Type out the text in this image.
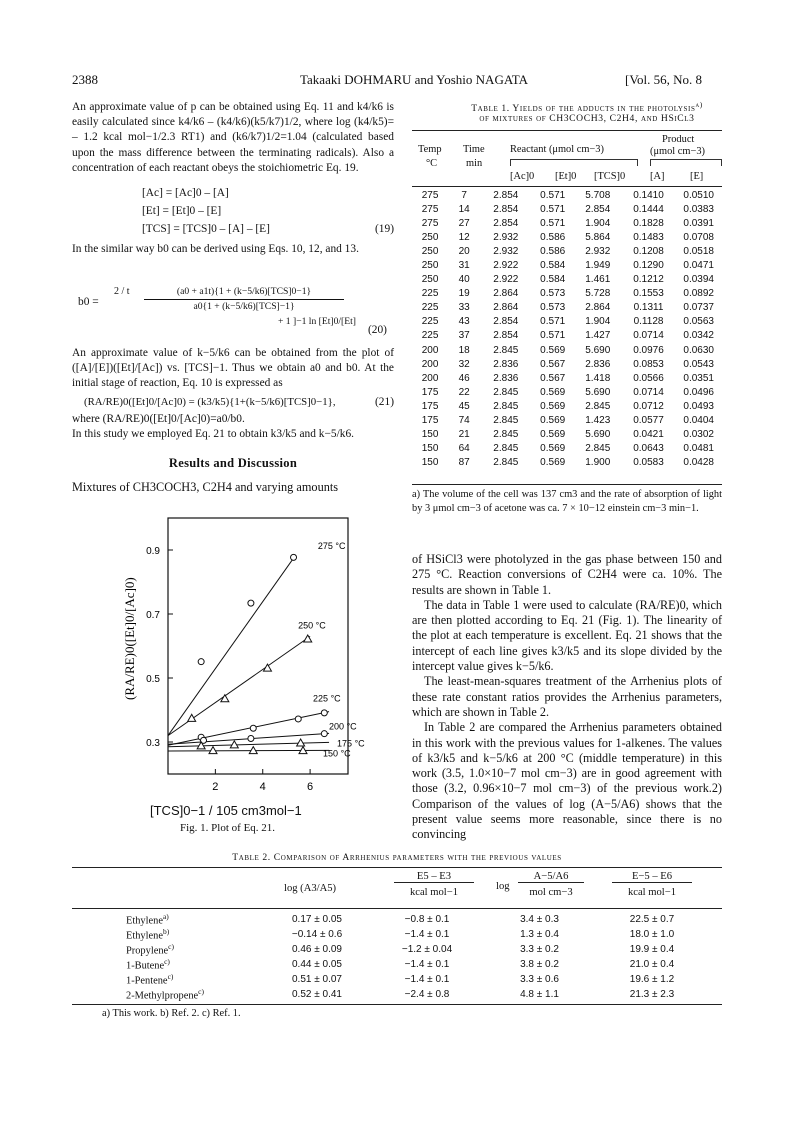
2388	Takaaki DOHMARU and Yoshio NAGATA	[Vol. 56, No. 8

An approximate value of p can be obtained using Eq. 11 and k4/k6 is easily calculated since k4/k6 – (k4/k6)(k5/k7)1/2, where log (k4/k5)= – 1.2 kcal mol−1/2.3 RT1) and (k6/k7)1/2=1.04 (calculated based upon the mass difference between the terminating radicals). Also a concentration of each reactant obeys the stoichiometric Eq. 19.

[Ac] = [Ac]0 – [A]
[Et] = [Et]0 – [E]
[TCS] = [TCS]0 – [A] – [E]	(19)

In the similar way b0 can be derived using Eqs. 10, 12, and 13.

b0 =
2 / t	(a0 + a1t){1 + (k−5/k6)[TCS]0−1}
a0{1 + (k−5/k6)[TCS]−1}
+ 1 ]−1 ln [Et]0/[Et]
(20)

An approximate value of k−5/k6 can be obtained from the plot of ([A]/[E])([Et]/[Ac]) vs. [TCS]−1. Thus we obtain a0 and b0. At the initial stage of reaction, Eq. 10 is expressed as

(RA/RE)0([Et]0/[Ac]0) = (k3/k5){1+(k−5/k6)[TCS]0−1},	(21)

where (RA/RE)0([Et]0/[Ac]0)=a0/b0.

In this study we employed Eq. 21 to obtain k3/k5 and k−5/k6.

Results and Discussion
Mixtures of CH3COCH3, C2H4 and varying amounts
0.3
0.5
0.7
0.9
2	4	6
275 °C
250 °C
225 °C
200 °C
175 °C
150 °C
(RA/RE)0([Et]0/[Ac]0)
[TCS]0−1 / 105 cm3mol−1
Fig. 1. Plot of Eq. 21.
Table 1. Yields of the adducts in the photolysis$^{a)}$
of mixtures of CH3COCH3, C2H4, and HSiCl3
Temp
°C
Time
min
Reactant (μmol cm−3)
Product
(μmol cm−3)
[Ac]0 [Et]0 [TCS]0 [A] [E]
275	7	2.854	0.571	5.708	0.1410	0.0510
275	14	2.854	0.571	2.854	0.1444	0.0383
275	27	2.854	0.571	1.904	0.1828	0.0391
250	12	2.932	0.586	5.864	0.1483	0.0708
250	20	2.932	0.586	2.932	0.1208	0.0518
250	31	2.922	0.584	1.949	0.1290	0.0471
250	40	2.922	0.584	1.461	0.1212	0.0394
225	19	2.864	0.573	5.728	0.1553	0.0892
225	33	2.864	0.573	2.864	0.1311	0.0737
225	43	2.854	0.571	1.904	0.1128	0.0563
225	37	2.854	0.571	1.427	0.0714	0.0342
200	18	2.845	0.569	5.690	0.0976	0.0630
200	32	2.836	0.567	2.836	0.0853	0.0543
200	46	2.836	0.567	1.418	0.0566	0.0351
175	22	2.845	0.569	5.690	0.0714	0.0496
175	45	2.845	0.569	2.845	0.0712	0.0493
175	74	2.845	0.569	1.423	0.0577	0.0404
150	21	2.845	0.569	5.690	0.0421	0.0302
150	64	2.845	0.569	2.845	0.0643	0.0481
150	87	2.845	0.569	1.900	0.0583	0.0428
a) The volume of the cell was 137 cm3 and the rate of absorption of light by 3 μmol cm−3 of acetone was ca. 7 × 10−12 einstein cm−3 min−1.

of HSiCl3 were photolyzed in the gas phase between 150 and 275 °C. Reaction conversions of C2H4 were ca. 10%. The results are shown in Table 1.

The data in Table 1 were used to calculate (RA/RE)0, which are then plotted according to Eq. 21 (Fig. 1). The linearity of the plot at each temperature is excellent. Eq. 21 shows that the intercept of each line gives k3/k5 and its slope divided by the intercept value gives k−5/k6.

The least-mean-squares treatment of the Arrhenius plots of these rate constant ratios provides the Arrhenius parameters, which are shown in Table 2.

In Table 2 are compared the Arrhenius parameters obtained in this work with the previous values for 1-alkenes. The values of k3/k5 and k−5/k6 at 200 °C (middle temperature) in this work (3.5, 1.0×10−7 mol cm−3) are in good agreement with those (3.2, 0.96×10−7 mol cm−3) of the previous work.2) Comparison of the values of log (A−5/A6) shows that the present value seems more reasonable, since there is no convincing

Table 2. Comparison of Arrhenius parameters with the previous values
log (A3/A5)
E5 – E3
kcal mol−1
log
A−5/A6
mol cm−3
E−5 – E6
kcal mol−1
Ethylene$^{a)}$	0.17 ± 0.05	−0.8 ± 0.1	3.4 ± 0.3	22.5 ± 0.7
Ethylene$^{b)}$	−0.14 ± 0.6	−1.4 ± 0.1	1.3 ± 0.4	18.0 ± 1.0
Propylene$^{c)}$	0.46 ± 0.09	−1.2 ± 0.04	3.3 ± 0.2	19.9 ± 0.4
1-Butene$^{c)}$	0.44 ± 0.05	−1.4 ± 0.1	3.8 ± 0.2	21.0 ± 0.4
1-Pentene$^{c)}$	0.51 ± 0.07	−1.4 ± 0.1	3.3 ± 0.6	19.6 ± 1.2
2-Methylpropene$^{c)}$	0.52 ± 0.41	−2.4 ± 0.8	4.8 ± 1.1	21.3 ± 2.3
a) This work. b) Ref. 2. c) Ref. 1.
